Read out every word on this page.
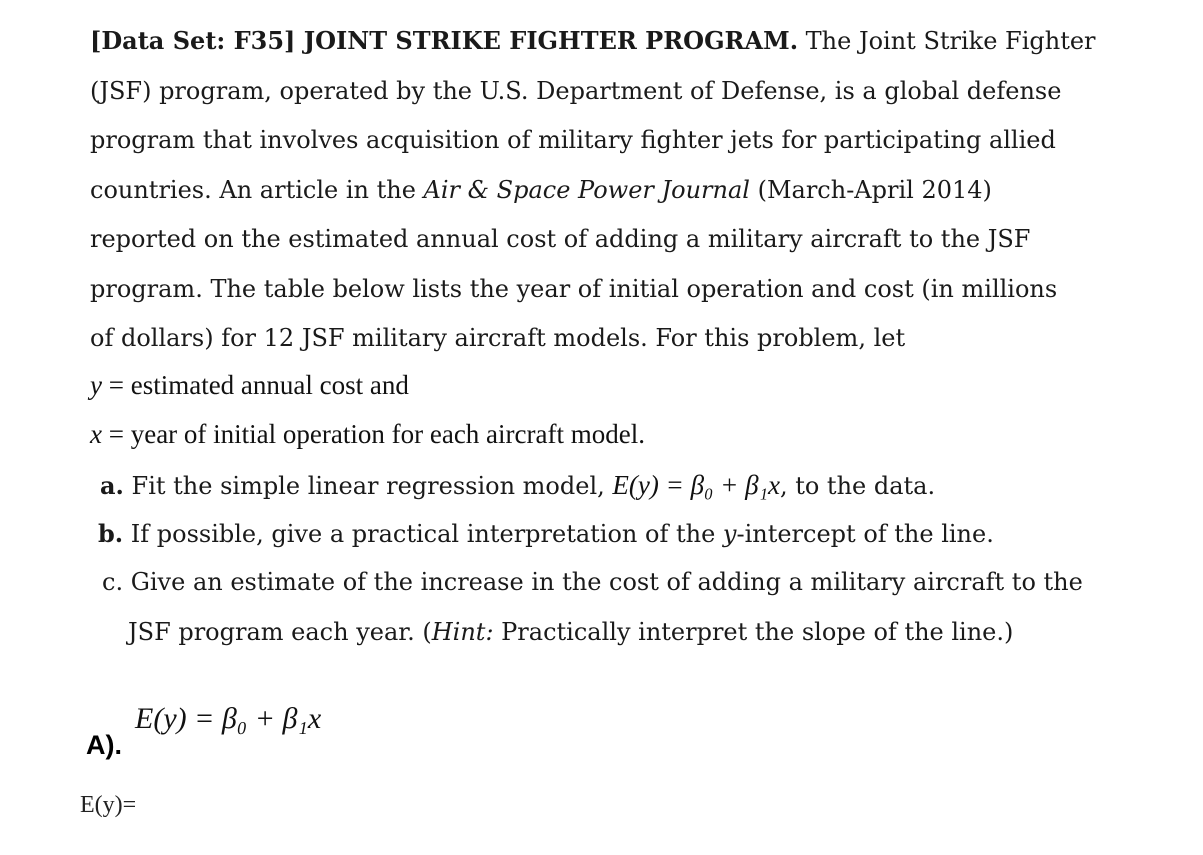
[Data Set: F35] JOINT STRIKE FIGHTER PROGRAM. The Joint Strike Fighter
(JSF) program, operated by the U.S. Department of Defense, is a global defense
program that involves acquisition of military fighter jets for participating allied
countries. An article in the Air & Space Power Journal (March-April 2014)
reported on the estimated annual cost of adding a military aircraft to the JSF
program. The table below lists the year of initial operation and cost (in millions
of dollars) for 12 JSF military aircraft models. For this problem, let
y = estimated annual cost and
x = year of initial operation for each aircraft model.
a. Fit the simple linear regression model, E(y) = β₀ + β₁x, to the data.
b. If possible, give a practical interpretation of the y-intercept of the line.
c. Give an estimate of the increase in the cost of adding a military aircraft to the
JSF program each year. (Hint: Practically interpret the slope of the line.)
A).
E(y) = β₀ + β₁x
E(y)=
